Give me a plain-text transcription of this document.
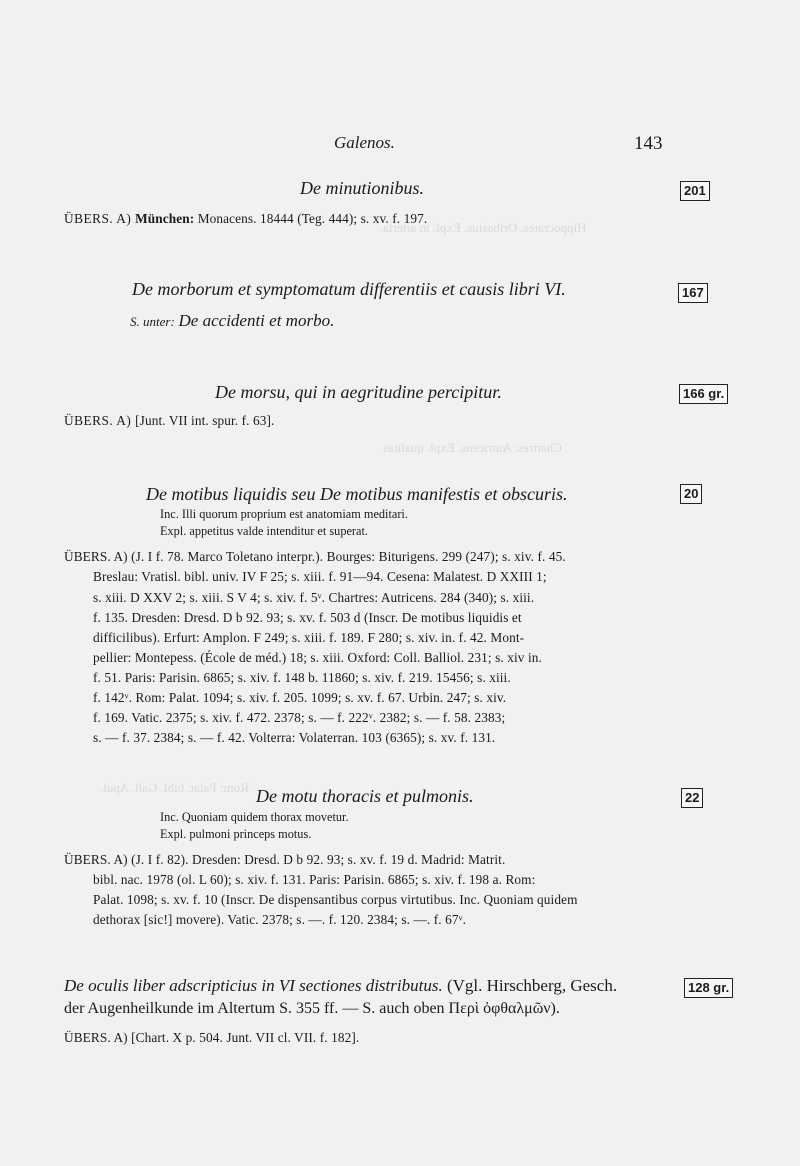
Hippocrates. Oribasius. Expl. in arteria.
Chartres: Autricens. Expl. qualitas.
Rom: Palat. bibl. Gall. Apul.
Galenos.	143
De minutionibus.	201
ÜBERS. A) München: Monacens. 18444 (Teg. 444); s. xv. f. 197.
De morborum et symptomatum differentiis et causis libri VI.	167
S. unter: De accidenti et morbo.
De morsu, qui in aegritudine percipitur.	166 gr.
ÜBERS. A) [Junt. VII int. spur. f. 63].
De motibus liquidis seu De motibus manifestis et obscuris.	20
Inc. Illi quorum proprium est anatomiam meditari.
Expl. appetitus valde intenditur et superat.
ÜBERS. A) (J. I f. 78. Marco Toletano interpr.). Bourges: Biturigens. 299 (247); s. xiv. f. 45.
Breslau: Vratisl. bibl. univ. IV F 25; s. xiii. f. 91—94. Cesena: Malatest. D XXIII 1;
s. xiii. D XXV 2; s. xiii. S V 4; s. xiv. f. 5ᵛ. Chartres: Autricens. 284 (340); s. xiii.
f. 135. Dresden: Dresd. D b 92. 93; s. xv. f. 503 d (Inscr. De motibus liquidis et
difficilibus). Erfurt: Amplon. F 249; s. xiii. f. 189. F 280; s. xiv. in. f. 42. Mont-
pellier: Montepess. (École de méd.) 18; s. xiii. Oxford: Coll. Balliol. 231; s. xiv in.
f. 51. Paris: Parisin. 6865; s. xiv. f. 148 b. 11860; s. xiv. f. 219. 15456; s. xiii.
f. 142ᵛ. Rom: Palat. 1094; s. xiv. f. 205. 1099; s. xv. f. 67. Urbin. 247; s. xiv.
f. 169. Vatic. 2375; s. xiv. f. 472. 2378; s. — f. 222ᵛ. 2382; s. — f. 58. 2383;
s. — f. 37. 2384; s. — f. 42. Volterra: Volaterran. 103 (6365); s. xv. f. 131.
De motu thoracis et pulmonis.	22
Inc. Quoniam quidem thorax movetur.
Expl. pulmoni princeps motus.
ÜBERS. A) (J. I f. 82). Dresden: Dresd. D b 92. 93; s. xv. f. 19 d. Madrid: Matrit.
bibl. nac. 1978 (ol. L 60); s. xiv. f. 131. Paris: Parisin. 6865; s. xiv. f. 198 a. Rom:
Palat. 1098; s. xv. f. 10 (Inscr. De dispensantibus corpus virtutibus. Inc. Quoniam quidem
dethorax [sic!] movere). Vatic. 2378; s. —. f. 120. 2384; s. —. f. 67ᵛ.
De oculis liber adscripticius in VI sectiones distributus. (Vgl. Hirschberg, Gesch.	128 gr.
der Augenheilkunde im Altertum S. 355 ff. — S. auch oben Περὶ ὀφθαλμῶν).
ÜBERS. A) [Chart. X p. 504. Junt. VII cl. VII. f. 182].
